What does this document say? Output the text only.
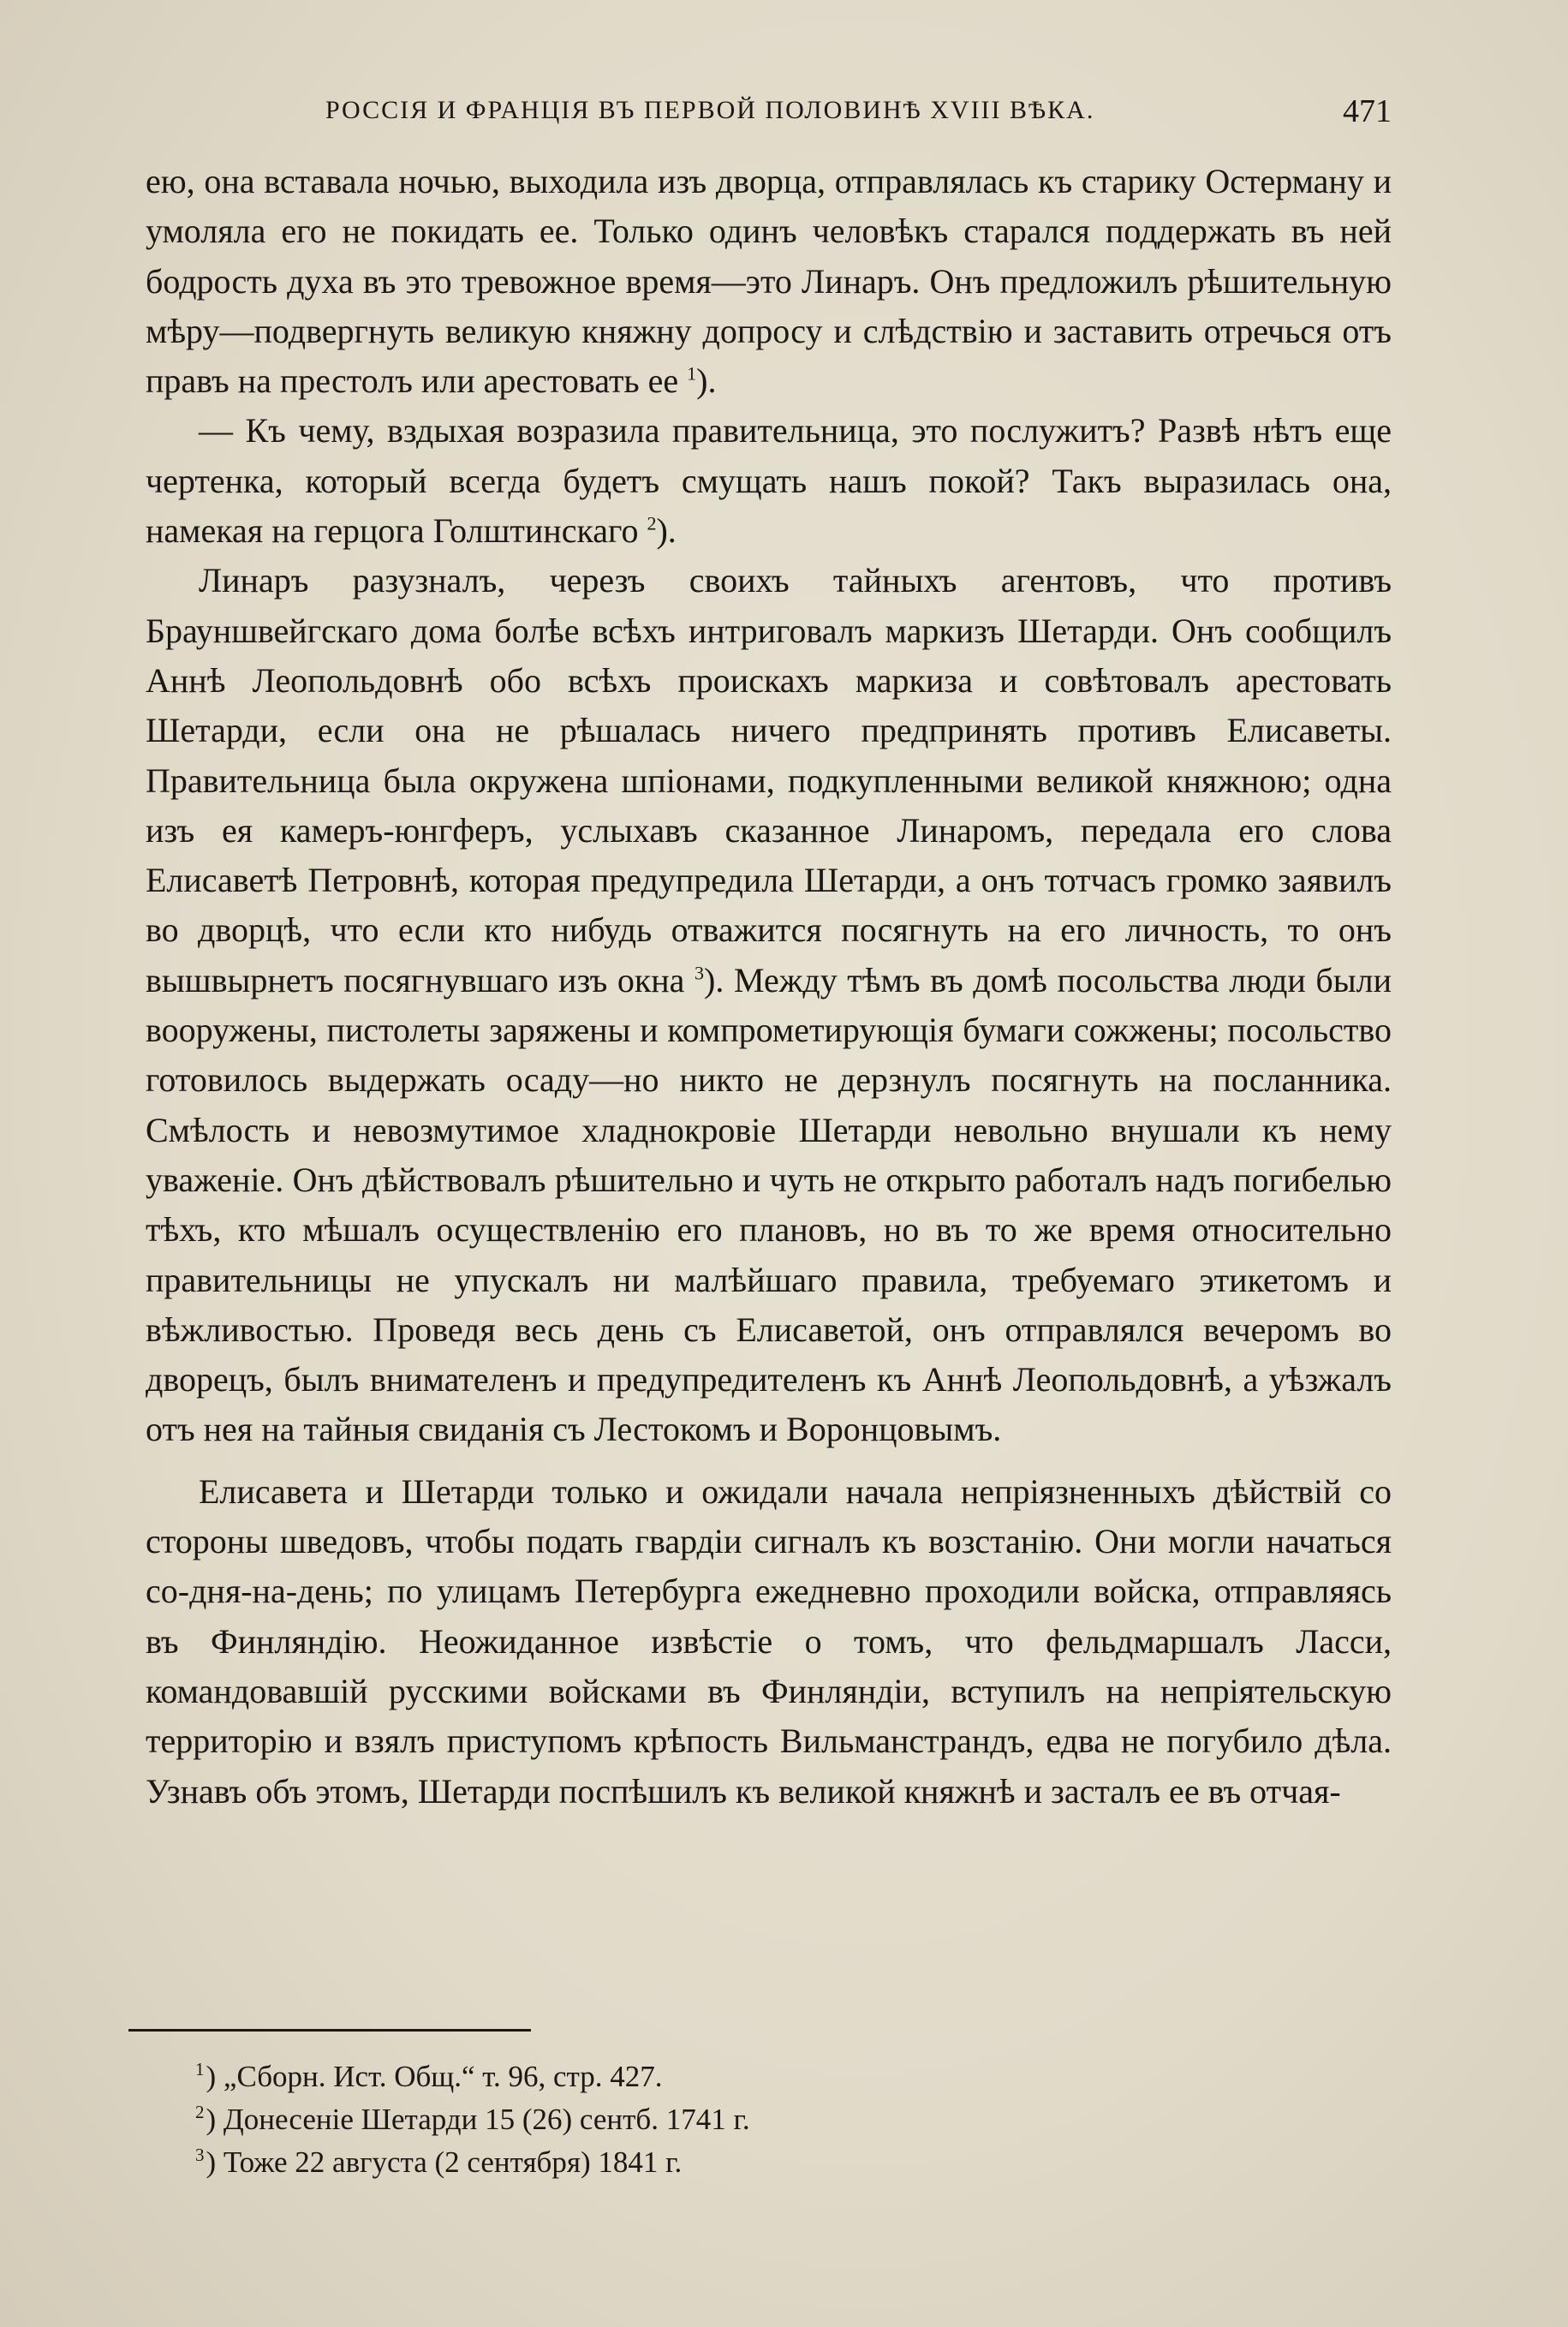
РОССІЯ И ФРАНЦІЯ ВЪ ПЕРВОЙ ПОЛОВИНѢ XVIII ВѢКА.	471

ею, она вставала ночью, выходила изъ дворца, отправлялась къ старику Остерману и умоляла его не покидать ее. Только одинъ человѣкъ старался поддержать въ ней бодрость духа въ это тревожное время—это Линаръ. Онъ предложилъ рѣшительную мѣру—подвергнуть великую княжну допросу и слѣдствію и заставить отречься отъ правъ на престолъ или арестовать ее $^1$).

— Къ чему, вздыхая возразила правительница, это послужитъ? Развѣ нѣтъ еще чертенка, который всегда будетъ смущать нашъ покой? Такъ выразилась она, намекая на герцога Голштинскаго $^2$).

Линаръ разузналъ, черезъ своихъ тайныхъ агентовъ, что противъ Брауншвейгскаго дома болѣе всѣхъ интриговалъ маркизъ Шетарди. Онъ сообщилъ Аннѣ Леопольдовнѣ обо всѣхъ проискахъ маркиза и совѣтовалъ арестовать Шетарди, если она не рѣшалась ничего предпринять противъ Елисаветы. Правительница была окружена шпіонами, подкупленными великой княжною; одна изъ ея камеръ-юнгферъ, услыхавъ сказанное Линаромъ, передала его слова Елисаветѣ Петровнѣ, которая предупредила Шетарди, а онъ тотчасъ громко заявилъ во дворцѣ, что если кто нибудь отважится посягнуть на его личность, то онъ вышвырнетъ посягнувшаго изъ окна $^3$). Между тѣмъ въ домѣ посольства люди были вооружены, пистолеты заряжены и компрометирующія бумаги сожжены; посольство готовилось выдержать осаду—но никто не дерзнулъ посягнуть на посланника. Смѣлость и невозмутимое хладнокровіе Шетарди невольно внушали къ нему уваженіе. Онъ дѣйствовалъ рѣшительно и чуть не открыто работалъ надъ погибелью тѣхъ, кто мѣшалъ осуществленію его плановъ, но въ то же время относительно правительницы не упускалъ ни малѣйшаго правила, требуемаго этикетомъ и вѣжливостью. Проведя весь день съ Елисаветой, онъ отправлялся вечеромъ во дворецъ, былъ внимателенъ и предупредителенъ къ Аннѣ Леопольдовнѣ, а уѣзжалъ отъ нея на тайныя свиданія съ Лестокомъ и Воронцовымъ.

Елисавета и Шетарди только и ожидали начала непріязненныхъ дѣйствій со стороны шведовъ, чтобы подать гвардіи сигналъ къ возстанію. Они могли начаться со-дня-на-день; по улицамъ Петербурга ежедневно проходили войска, отправляясь въ Финляндію. Неожиданное извѣстіе о томъ, что фельдмаршалъ Ласси, командовавшій русскими войсками въ Финляндіи, вступилъ на непріятельскую территорію и взялъ приступомъ крѣпость Вильманстрандъ, едва не погубило дѣла. Узнавъ объ этомъ, Шетарди поспѣшилъ къ великой княжнѣ и засталъ ее въ отчая-

$^1$) „Сборн. Ист. Общ.“ т. 96, стр. 427.
$^2$) Донесеніе Шетарди 15 (26) сентб. 1741 г.
$^3$) Тоже 22 августа (2 сентября) 1841 г.
